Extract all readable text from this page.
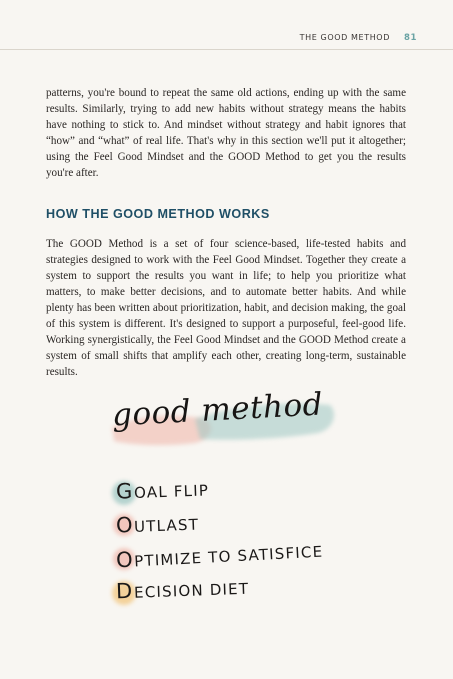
THE GOOD METHOD 81

patterns, you're bound to repeat the same old actions, ending up with the same results. Similarly, trying to add new habits without strategy means the habits have nothing to stick to. And mindset without strategy and habit ignores that “how” and “what” of real life. That's why in this section we'll put it altogether; using the Feel Good Mindset and the GOOD Method to get you the results you're after.

HOW THE GOOD METHOD WORKS

The GOOD Method is a set of four science-based, life-tested habits and strategies designed to work with the Feel Good Mindset. Together they create a system to support the results you want in life; to help you prioritize what matters, to make better decisions, and to automate better habits. And while plenty has been written about prioritization, habit, and decision making, the goal of this system is different. It's designed to support a purposeful, feel-good life. Working synergistically, the Feel Good Mindset and the GOOD Method create a system of small shifts that amplify each other, creating long-term, sustainable results.

good method
GOAL FLIP
OUTLAST
OPTIMIZE TO SATISFICE
DECISION DIET
